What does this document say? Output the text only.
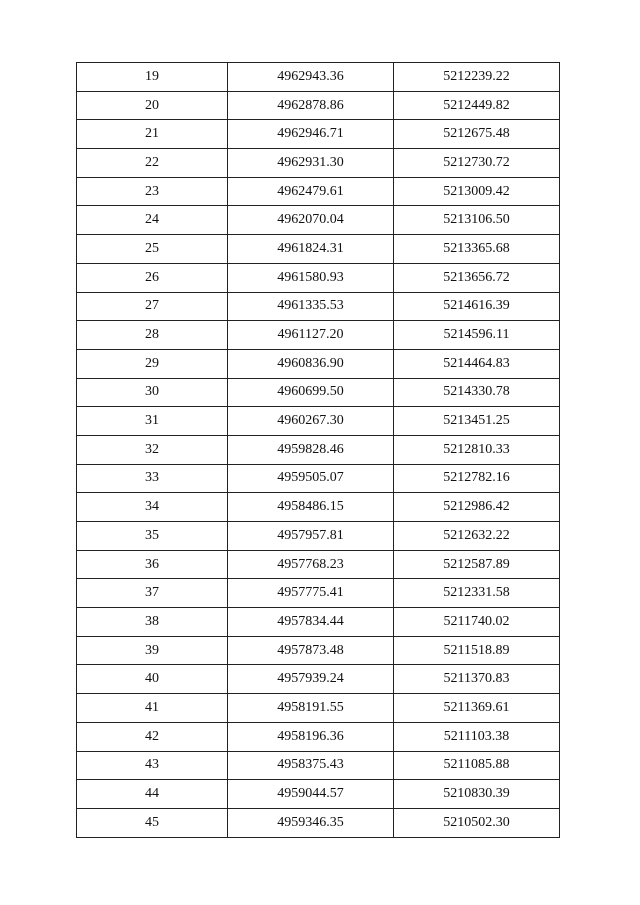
19	4962943.36	5212239.22
20	4962878.86	5212449.82
21	4962946.71	5212675.48
22	4962931.30	5212730.72
23	4962479.61	5213009.42
24	4962070.04	5213106.50
25	4961824.31	5213365.68
26	4961580.93	5213656.72
27	4961335.53	5214616.39
28	4961127.20	5214596.11
29	4960836.90	5214464.83
30	4960699.50	5214330.78
31	4960267.30	5213451.25
32	4959828.46	5212810.33
33	4959505.07	5212782.16
34	4958486.15	5212986.42
35	4957957.81	5212632.22
36	4957768.23	5212587.89
37	4957775.41	5212331.58
38	4957834.44	5211740.02
39	4957873.48	5211518.89
40	4957939.24	5211370.83
41	4958191.55	5211369.61
42	4958196.36	5211103.38
43	4958375.43	5211085.88
44	4959044.57	5210830.39
45	4959346.35	5210502.30
